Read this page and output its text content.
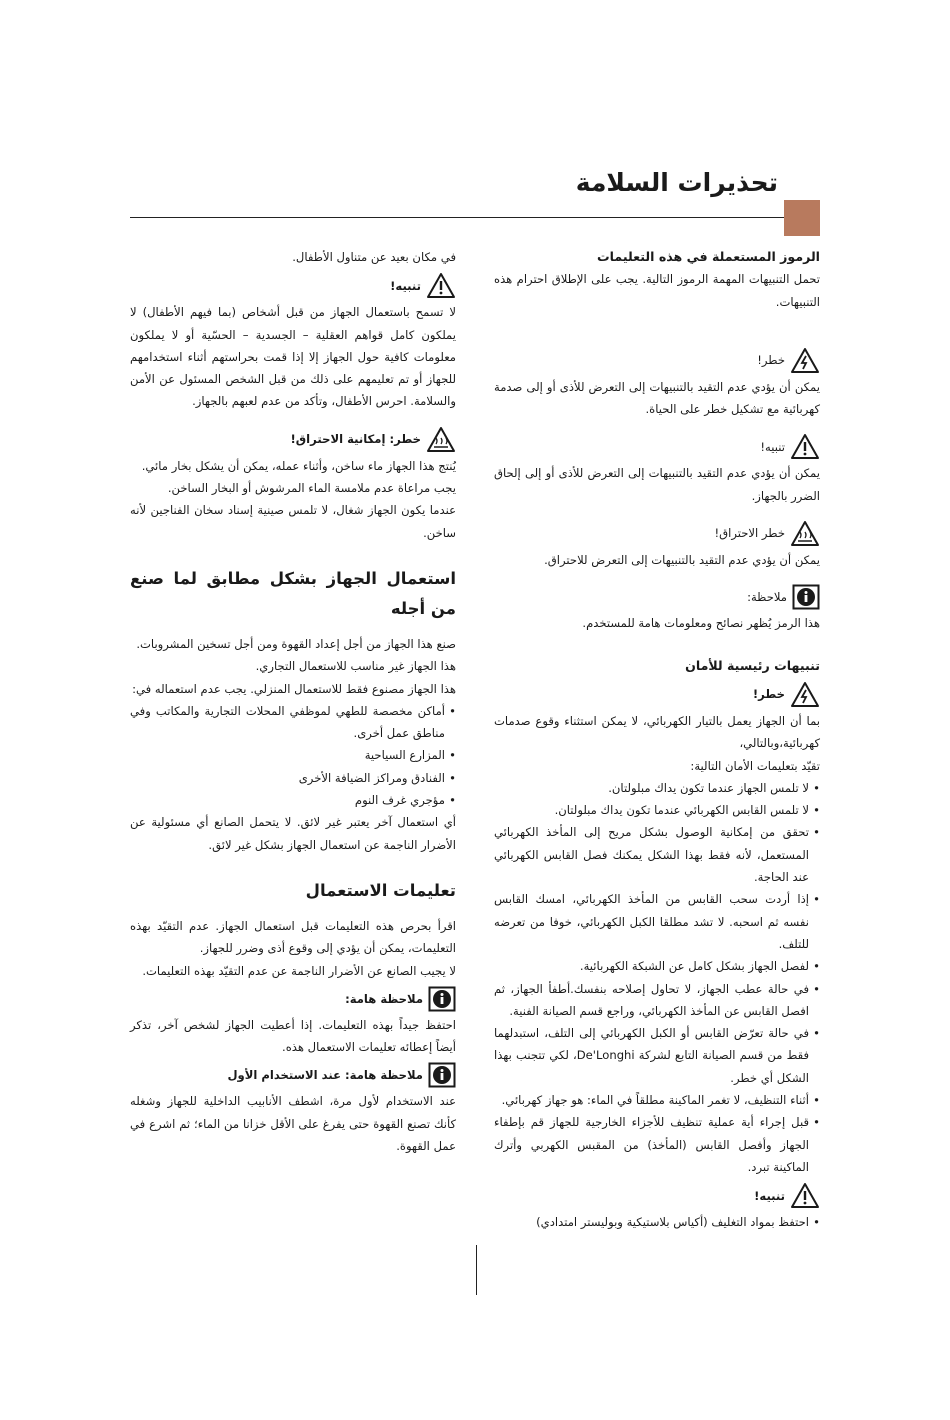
تحذيرات السلامة

الرموز المستعملة في هذه التعليمات

تحمل التنبيهات المهمة الرموز التالية. يجب على الإطلاق احترام هذه التنبيهات.

خطر!

يمكن أن يؤدي عدم التقيد بالتنبيهات إلى التعرض للأذى أو إلى صدمة كهربائية مع تشكيل خطر على الحياة.

تنبيه!

يمكن أن يؤدي عدم التقيد بالتنبيهات إلى التعرض للأذى أو إلى إلحاق الضرر بالجهاز.

خطر الاحتراق!

يمكن أن يؤدي عدم التقيد بالتنبيهات إلى التعرض للاحتراق.

ملاحظة:

هذا الرمز يُظهر نصائح ومعلومات هامة للمستخدم.

تنبيهات رئيسية للأمان

خطر!

بما أن الجهاز يعمل بالتيار الكهربائي، لا يمكن استثناء وقوع صدمات كهربائية،وبالتالي،

تقيّد بتعليمات الأمان التالية:

• لا تلمس الجهاز عندما تكون يداك مبلولتان.
• لا تلمس القابس الكهربائي عندما تكون يداك مبلولتان.
• تحقق من إمكانية الوصول بشكل مريح إلى المأخذ الكهربائي المستعمل، لأنه فقط بهذا الشكل يمكنك فصل القابس الكهربائي عند الحاجة.
• إذا أردت سحب القابس من المأخذ الكهربائي، امسك القابس نفسه ثم اسحبه. لا تشد مطلقا الكبل الكهربائي، خوفا من تعرضه للتلف.
• لفصل الجهاز بشكل كامل عن الشبكة الكهربائية.
• في حالة عطب الجهاز، لا تحاول إصلاحه بنفسك.أطفأ الجهاز، ثم افصل القابس عن المأخذ الكهربائي، وراجع قسم الصيانة الفنية.
• في حالة تعرّض القابس أو الكبل الكهربائي إلى التلف، استبدلهما فقط من قسم الصيانة التابع لشركة De'Longhi، لكي تتجنب بهذا الشكل أي خطر.
• أثناء التنظيف، لا تغمر الماكينة مطلقاً في الماء: هو جهاز كهربائي.
• قبل إجراء أية عملية تنظيف للأجزاء الخارجية للجهاز قم بإطفاء الجهاز وأفصل القابس (المأخذ) من المقبس الكهربي وأترك الماكينة تبرد.
تنبيه!
• احتفظ بمواد التغليف (أكياس بلاستيكية وبوليستر امتدادي)

في مكان بعيد عن متناول الأطفال.

تنبيه!

لا تسمح باستعمال الجهاز من قبل أشخاص (بما فيهم الأطفال) لا يملكون كامل قواهم العقلية – الجسدية – الحسّية أو لا يملكون معلومات كافية حول الجهاز إلا إذا قمت بحراستهم أثناء استخدامهم للجهاز أو تم تعليمهم على ذلك من قبل الشخص المسئول عن الأمن والسلامة. احرس الأطفال، وتأكد من عدم لعبهم بالجهاز.

خطر: إمكانية الاحتراق!

يُنتج هذا الجهاز ماء ساخن، وأثناء عمله، يمكن أن يشكل بخار مائي.

يجب مراعاة عدم ملامسة الماء المرشوش أو البخار الساخن.

عندما يكون الجهاز شغال، لا تلمس صينية إسناد سخان الفناجين لأنه ساخن.

استعمال الجهاز بشكل مطابق لما صنع من أجله

صنع هذا الجهاز من أجل إعداد القهوة ومن أجل تسخين المشروبات.

هذا الجهاز غير مناسب للاستعمال التجاري.

هذا الجهاز مصنوع فقط للاستعمال المنزلي. يجب عدم استعماله في:

• أماكن مخصصة للطهي لموظفي المحلات التجارية والمكاتب وفي مناطق عمل أخرى.
• المزارع السياحية
• الفنادق ومراكز الضيافة الأخرى
• مؤجري غرف النوم

أي استعمال آخر يعتبر غير لائق. لا يتحمل الصانع أي مسئولية عن الأضرار الناجمة عن استعمال الجهاز بشكل غير لائق.

تعليمات الاستعمال

اقرأ بحرص هذه التعليمات قبل استعمال الجهاز. عدم التقيّد بهذه التعليمات، يمكن أن يؤدي إلى وقوع أذى وضرر للجهاز.

لا يجيب الصانع عن الأضرار الناجمة عن عدم التقيّد بهذه التعليمات.

ملاحظة هامة:

احتفظ جيداً بهذه التعليمات. إذا أعطيت الجهاز لشخص آخر، تذكر أيضاً إعطائه تعليمات الاستعمال هذه.

ملاحظة هامة: عند الاستخدام الأول

عند الاستخدام لأول مرة، اشطف الأنابيب الداخلية للجهاز وشغله كأنك تصنع القهوة حتى يفرغ على الأقل خزانا من الماء؛ ثم اشرع في عمل القهوة.
